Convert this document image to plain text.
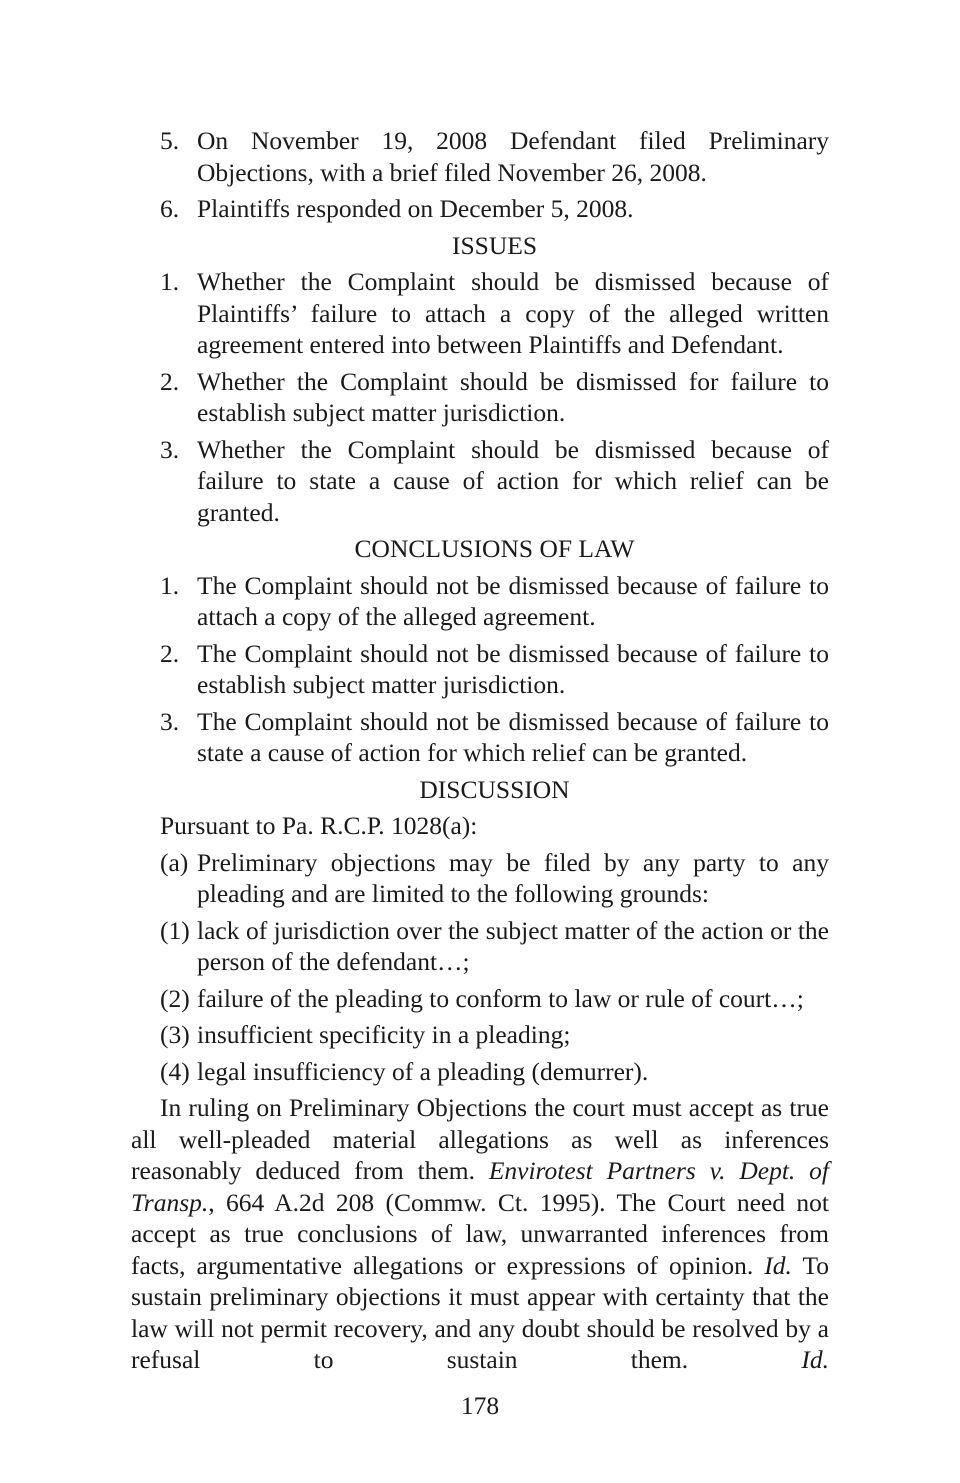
5. On November 19, 2008 Defendant filed Preliminary Objections, with a brief filed November 26, 2008.
6. Plaintiffs responded on December 5, 2008.
ISSUES
1. Whether the Complaint should be dismissed because of Plaintiffs’ failure to attach a copy of the alleged written agreement entered into between Plaintiffs and Defendant.
2. Whether the Complaint should be dismissed for failure to establish subject matter jurisdiction.
3. Whether the Complaint should be dismissed because of failure to state a cause of action for which relief can be granted.
CONCLUSIONS OF LAW
1. The Complaint should not be dismissed because of failure to attach a copy of the alleged agreement.
2. The Complaint should not be dismissed because of failure to establish subject matter jurisdiction.
3. The Complaint should not be dismissed because of failure to state a cause of action for which relief can be granted.
DISCUSSION
Pursuant to Pa. R.C.P. 1028(a):
(a) Preliminary objections may be filed by any party to any pleading and are limited to the following grounds:
(1) lack of jurisdiction over the subject matter of the action or the person of the defendant…;
(2) failure of the pleading to conform to law or rule of court…;
(3) insufficient specificity in a pleading;
(4) legal insufficiency of a pleading (demurrer).

In ruling on Preliminary Objections the court must accept as true all well-pleaded material allegations as well as inferences reasonably deduced from them. Envirotest Partners v. Dept. of Transp., 664 A.2d 208 (Commw. Ct. 1995). The Court need not accept as true conclusions of law, unwarranted inferences from facts, argumentative allegations or expressions of opinion. Id. To sustain preliminary objections it must appear with certainty that the law will not permit recovery, and any doubt should be resolved by a refusal to sustain them. Id.

178
